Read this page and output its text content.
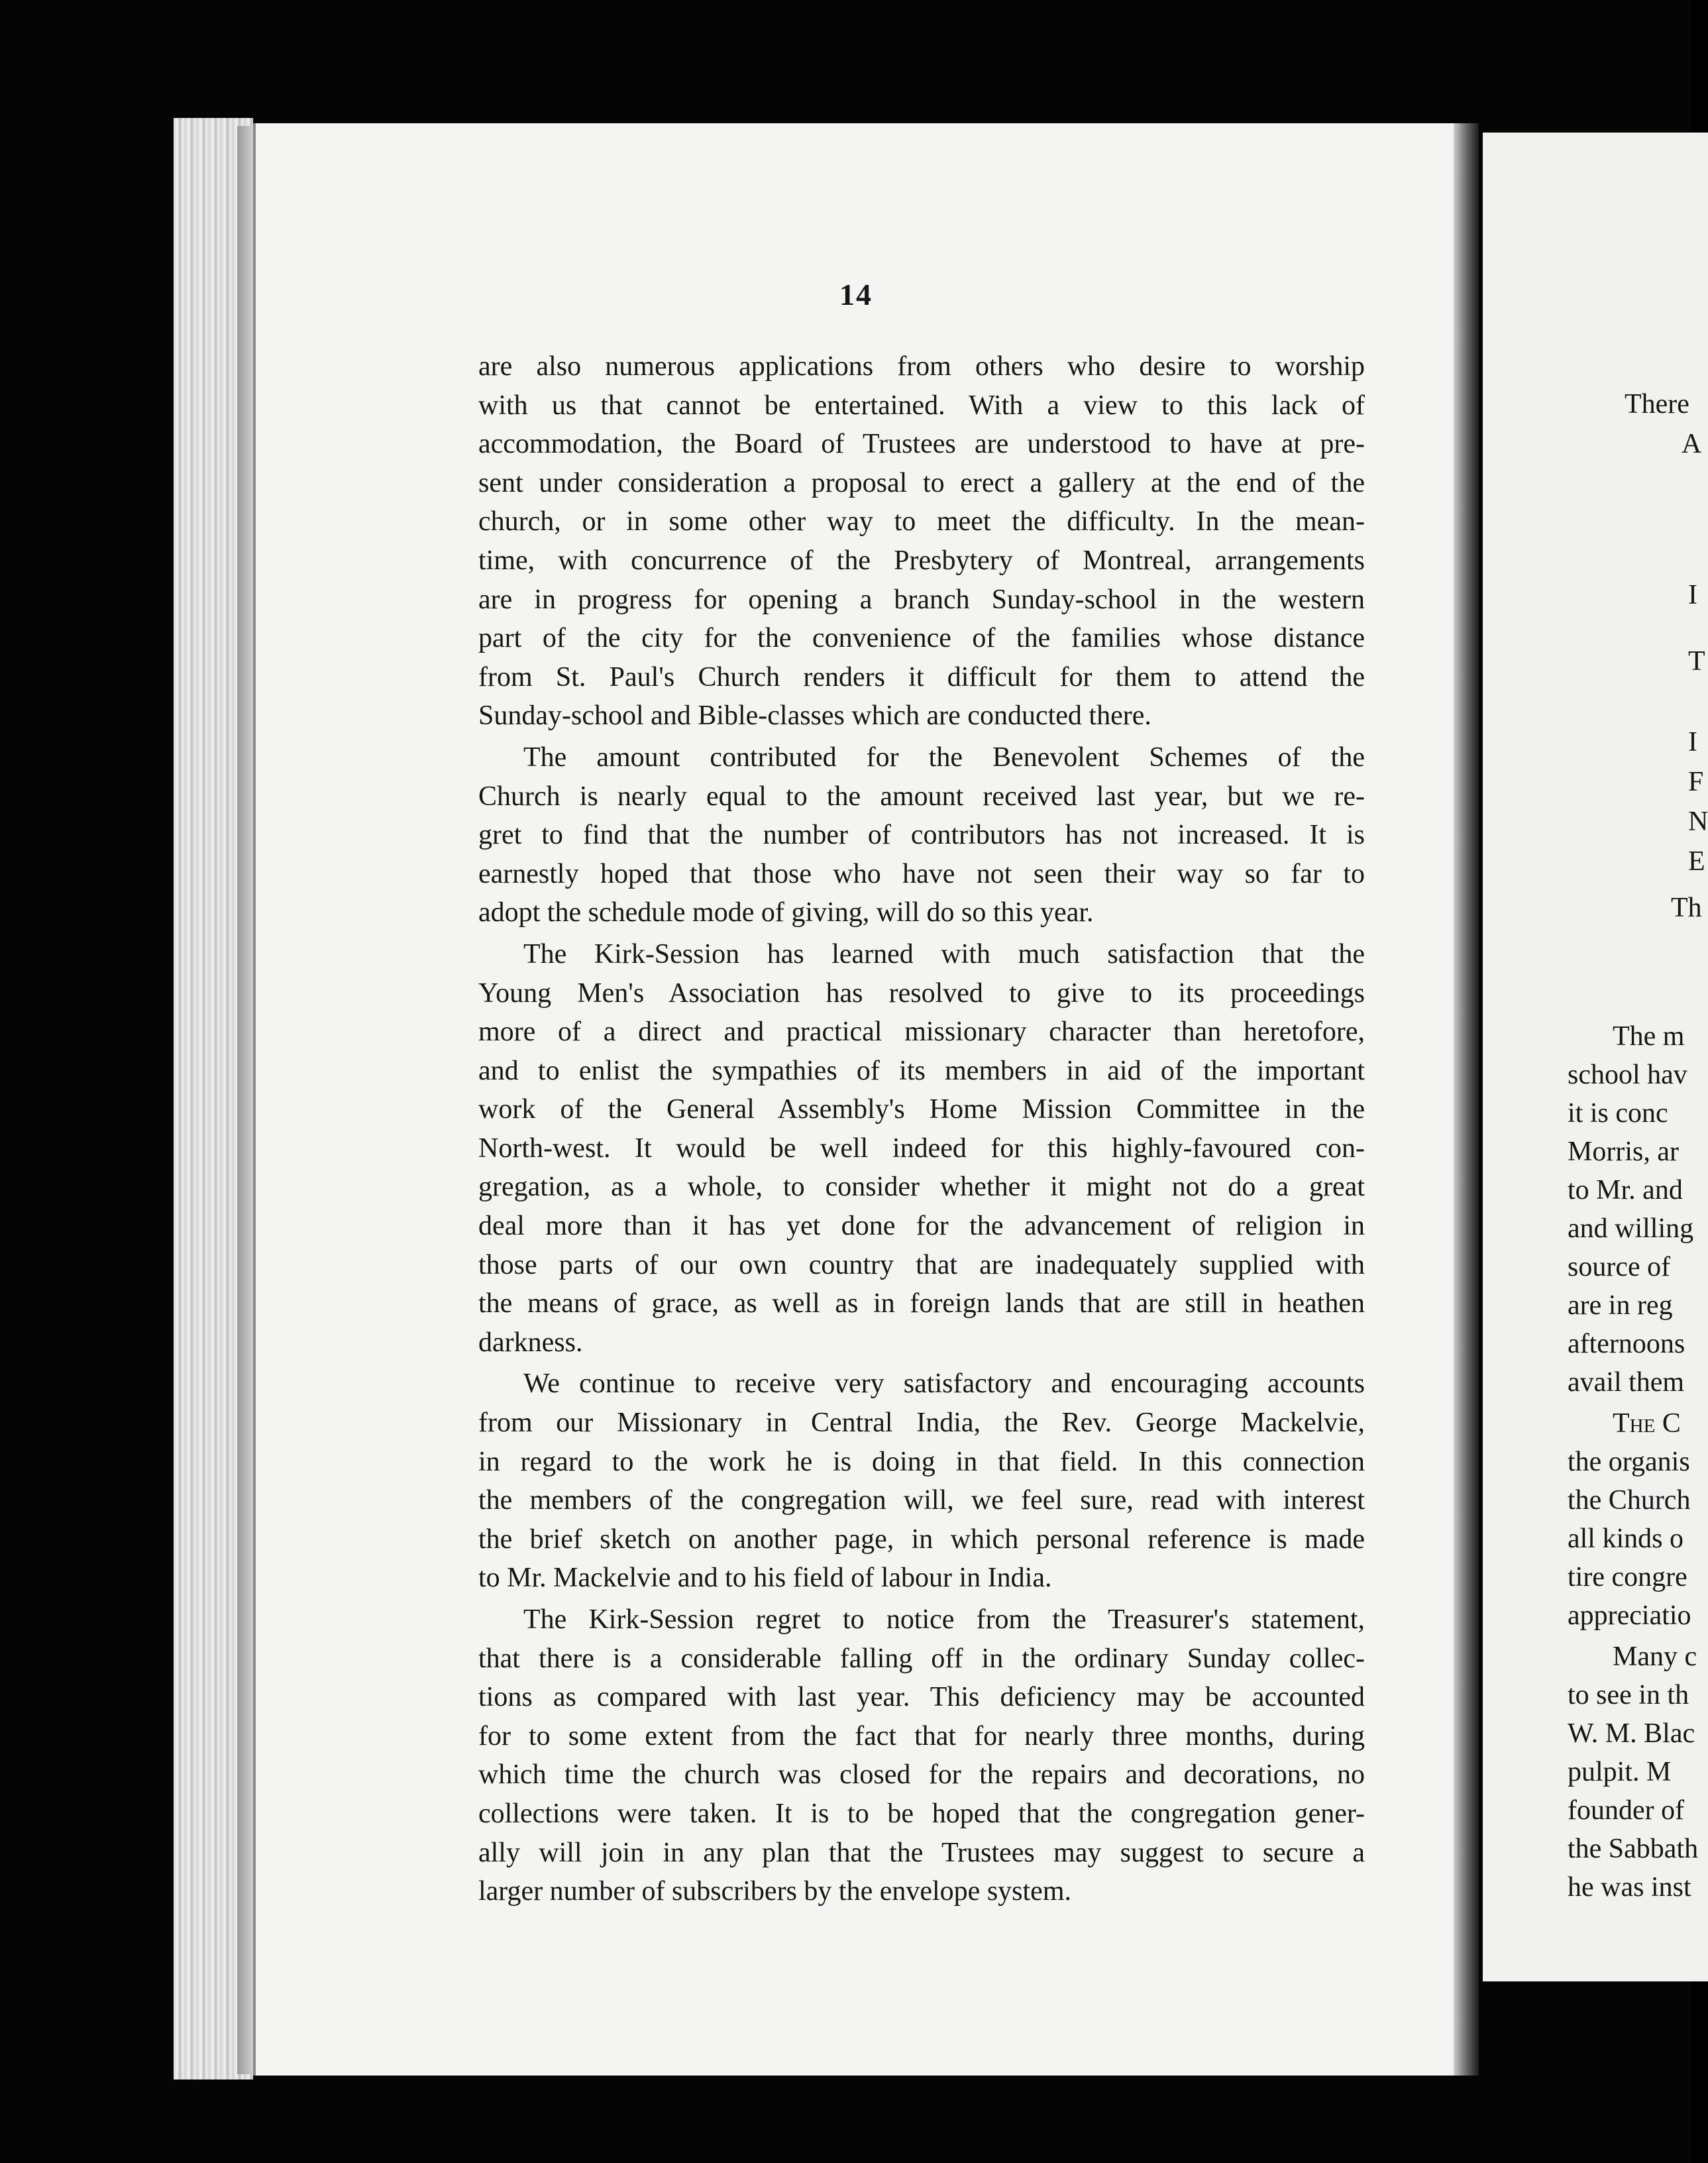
14
are also numerous applications from others who desire to worship
with us that cannot be entertained. With a view to this lack of
accommodation, the Board of Trustees are understood to have at pre-
sent under consideration a proposal to erect a gallery at the end of the
church, or in some other way to meet the difficulty. In the mean-
time, with concurrence of the Presbytery of Montreal, arrangements
are in progress for opening a branch Sunday-school in the western
part of the city for the convenience of the families whose distance
from St. Paul's Church renders it difficult for them to attend the
Sunday-school and Bible-classes which are conducted there.
The amount contributed for the Benevolent Schemes of the
Church is nearly equal to the amount received last year, but we re-
gret to find that the number of contributors has not increased. It is
earnestly hoped that those who have not seen their way so far to
adopt the schedule mode of giving, will do so this year.
The Kirk-Session has learned with much satisfaction that the
Young Men's Association has resolved to give to its proceedings
more of a direct and practical missionary character than heretofore,
and to enlist the sympathies of its members in aid of the important
work of the General Assembly's Home Mission Committee in the
North-west. It would be well indeed for this highly-favoured con-
gregation, as a whole, to consider whether it might not do a great
deal more than it has yet done for the advancement of religion in
those parts of our own country that are inadequately supplied with
the means of grace, as well as in foreign lands that are still in heathen
darkness.
We continue to receive very satisfactory and encouraging accounts
from our Missionary in Central India, the Rev. George Mackelvie,
in regard to the work he is doing in that field. In this connection
the members of the congregation will, we feel sure, read with interest
the brief sketch on another page, in which personal reference is made
to Mr. Mackelvie and to his field of labour in India.
The Kirk-Session regret to notice from the Treasurer's statement,
that there is a considerable falling off in the ordinary Sunday collec-
tions as compared with last year. This deficiency may be accounted
for to some extent from the fact that for nearly three months, during
which time the church was closed for the repairs and decorations, no
collections were taken. It is to be hoped that the congregation gener-
ally will join in any plan that the Trustees may suggest to secure a
larger number of subscribers by the envelope system.
There
A
I
T
I
F
N
E
Th
The m
school hav
it is conc
Morris, ar
to Mr. and
and willing
source of
are in reg
afternoons
avail them
The C
the organis
the Church
all kinds o
tire congre
appreciatio
Many c
to see in th
W. M. Blac
pulpit. M
founder of
the Sabbath
he was inst
